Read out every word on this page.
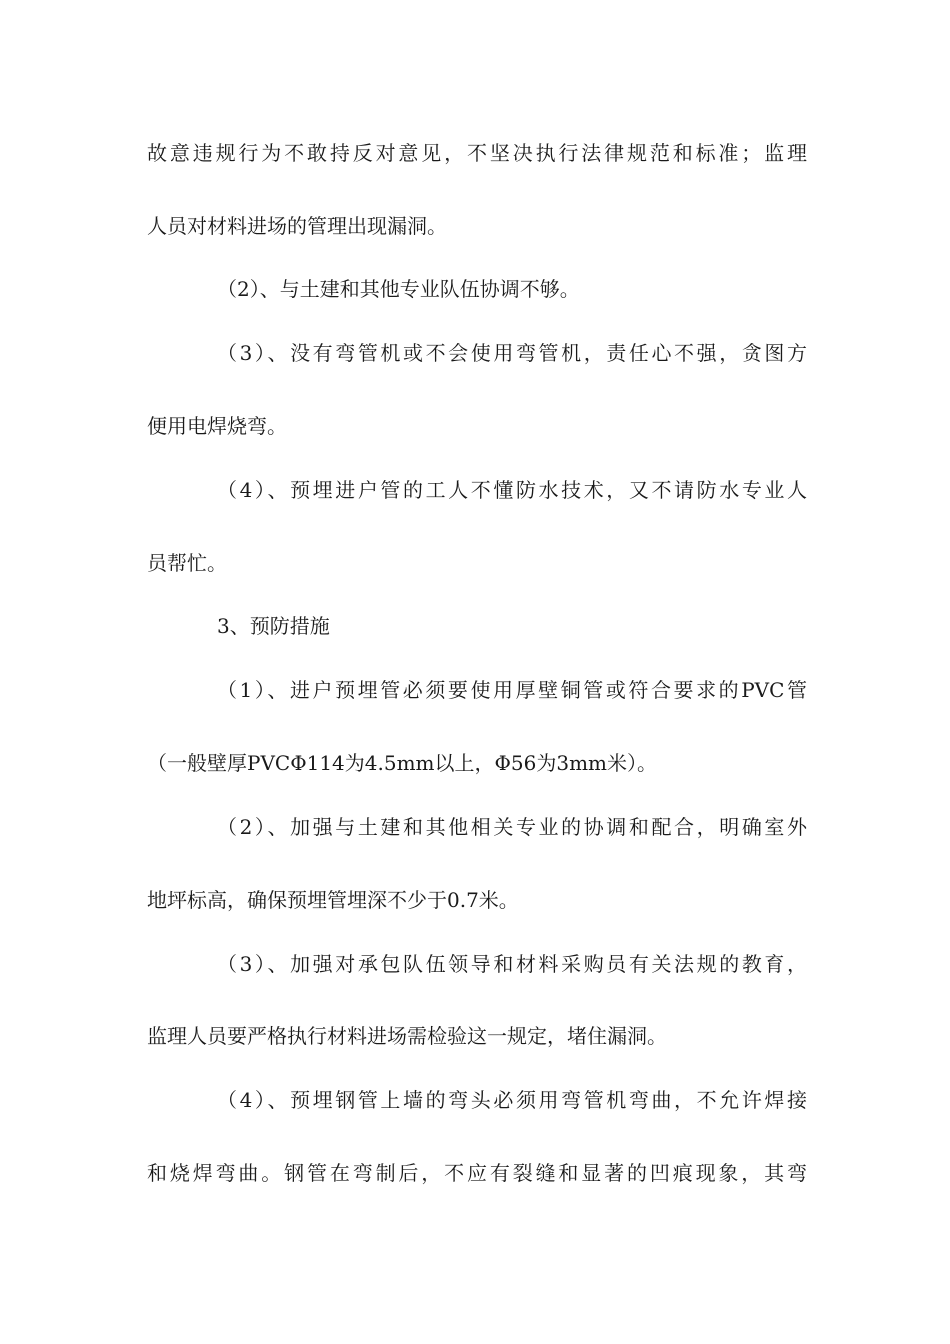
故意违规行为不敢持反对意见，不坚决执行法律规范和标准；监理
人员对材料进场的管理出现漏洞。
（2）、与土建和其他专业队伍协调不够。
（3）、没有弯管机或不会使用弯管机，责任心不强，贪图方
便用电焊烧弯。
（4）、预埋进户管的工人不懂防水技术，又不请防水专业人
员帮忙。
3、预防措施
（1）、进户预埋管必须要使用厚壁铜管或符合要求的PVC管
（一般壁厚PVCΦ114为4.5mm以上，Φ56为3mm米）。
（2）、加强与土建和其他相关专业的协调和配合，明确室外
地坪标高，确保预埋管埋深不少于0.7米。
（3）、加强对承包队伍领导和材料采购员有关法规的教育，
监理人员要严格执行材料进场需检验这一规定，堵住漏洞。
（4）、预埋钢管上墙的弯头必须用弯管机弯曲，不允许焊接
和烧焊弯曲。钢管在弯制后，不应有裂缝和显著的凹痕现象，其弯
